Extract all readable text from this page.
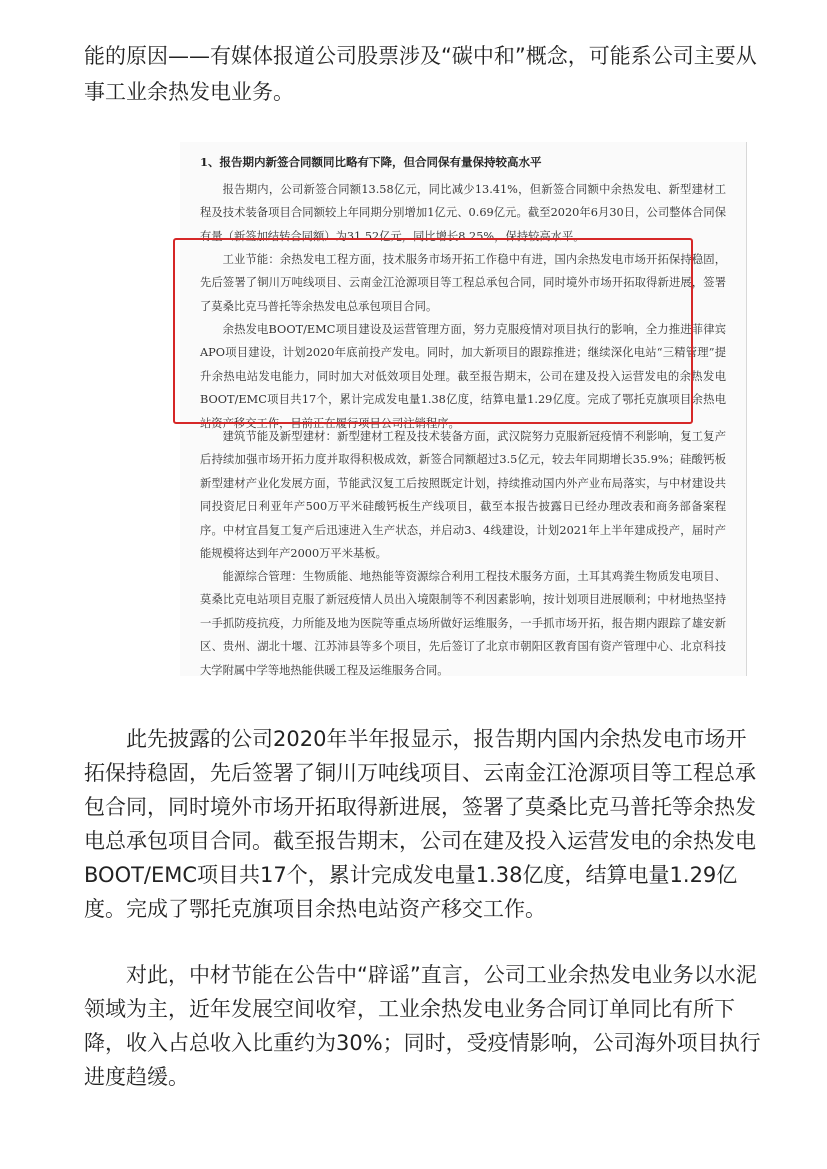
能的原因——有媒体报道公司股票涉及“碳中和”概念，可能系公司主要从事工业余热发电业务。

1、报告期内新签合同额同比略有下降，但合同保有量保持较高水平

报告期内，公司新签合同额13.58亿元，同比减少13.41%，但新签合同额中余热发电、新型建材工程及技术装备项目合同额较上年同期分别增加1亿元、0.69亿元。截至2020年6月30日，公司整体合同保有量（新签加结转合同额）为31.52亿元，同比增长8.25%，保持较高水平。

工业节能：余热发电工程方面，技术服务市场开拓工作稳中有进，国内余热发电市场开拓保持稳固，先后签署了铜川万吨线项目、云南金江沧源项目等工程总承包合同，同时境外市场开拓取得新进展，签署了莫桑比克马普托等余热发电总承包项目合同。

余热发电BOOT/EMC项目建设及运营管理方面，努力克服疫情对项目执行的影响，全力推进菲律宾APO项目建设，计划2020年底前投产发电。同时，加大新项目的跟踪推进；继续深化电站“三精管理”提升余热电站发电能力，同时加大对低效项目处理。截至报告期末，公司在建及投入运营发电的余热发电BOOT/EMC项目共17个，累计完成发电量1.38亿度，结算电量1.29亿度。完成了鄂托克旗项目余热电站资产移交工作，目前正在履行项目公司注销程序。

建筑节能及新型建材：新型建材工程及技术装备方面，武汉院努力克服新冠疫情不利影响，复工复产后持续加强市场开拓力度并取得积极成效，新签合同额超过3.5亿元，较去年同期增长35.9%；硅酸钙板新型建材产业化发展方面，节能武汉复工后按照既定计划，持续推动国内外产业布局落实，与中材建设共同投资尼日利亚年产500万平米硅酸钙板生产线项目，截至本报告披露日已经办理改表和商务部备案程序。中材宜昌复工复产后迅速进入生产状态，并启动3、4线建设，计划2021年上半年建成投产，届时产能规模将达到年产2000万平米基板。

能源综合管理：生物质能、地热能等资源综合利用工程技术服务方面，土耳其鸡粪生物质发电项目、莫桑比克电站项目克服了新冠疫情人员出入境限制等不利因素影响，按计划项目进展顺利；中材地热坚持一手抓防疫抗疫，力所能及地为医院等重点场所做好运维服务，一手抓市场开拓，报告期内跟踪了雄安新区、贵州、湖北十堰、江苏沛县等多个项目，先后签订了北京市朝阳区教育国有资产管理中心、北京科技大学附属中学等地热能供暖工程及运维服务合同。

此先披露的公司2020年半年报显示，报告期内国内余热发电市场开拓保持稳固，先后签署了铜川万吨线项目、云南金江沧源项目等工程总承包合同，同时境外市场开拓取得新进展，签署了莫桑比克马普托等余热发电总承包项目合同。截至报告期末，公司在建及投入运营发电的余热发电BOOT/EMC项目共17个，累计完成发电量1.38亿度，结算电量1.29亿度。完成了鄂托克旗项目余热电站资产移交工作。

对此，中材节能在公告中“辟谣”直言，公司工业余热发电业务以水泥领域为主，近年发展空间收窄，工业余热发电业务合同订单同比有所下降，收入占总收入比重约为30%；同时，受疫情影响，公司海外项目执行进度趋缓。
